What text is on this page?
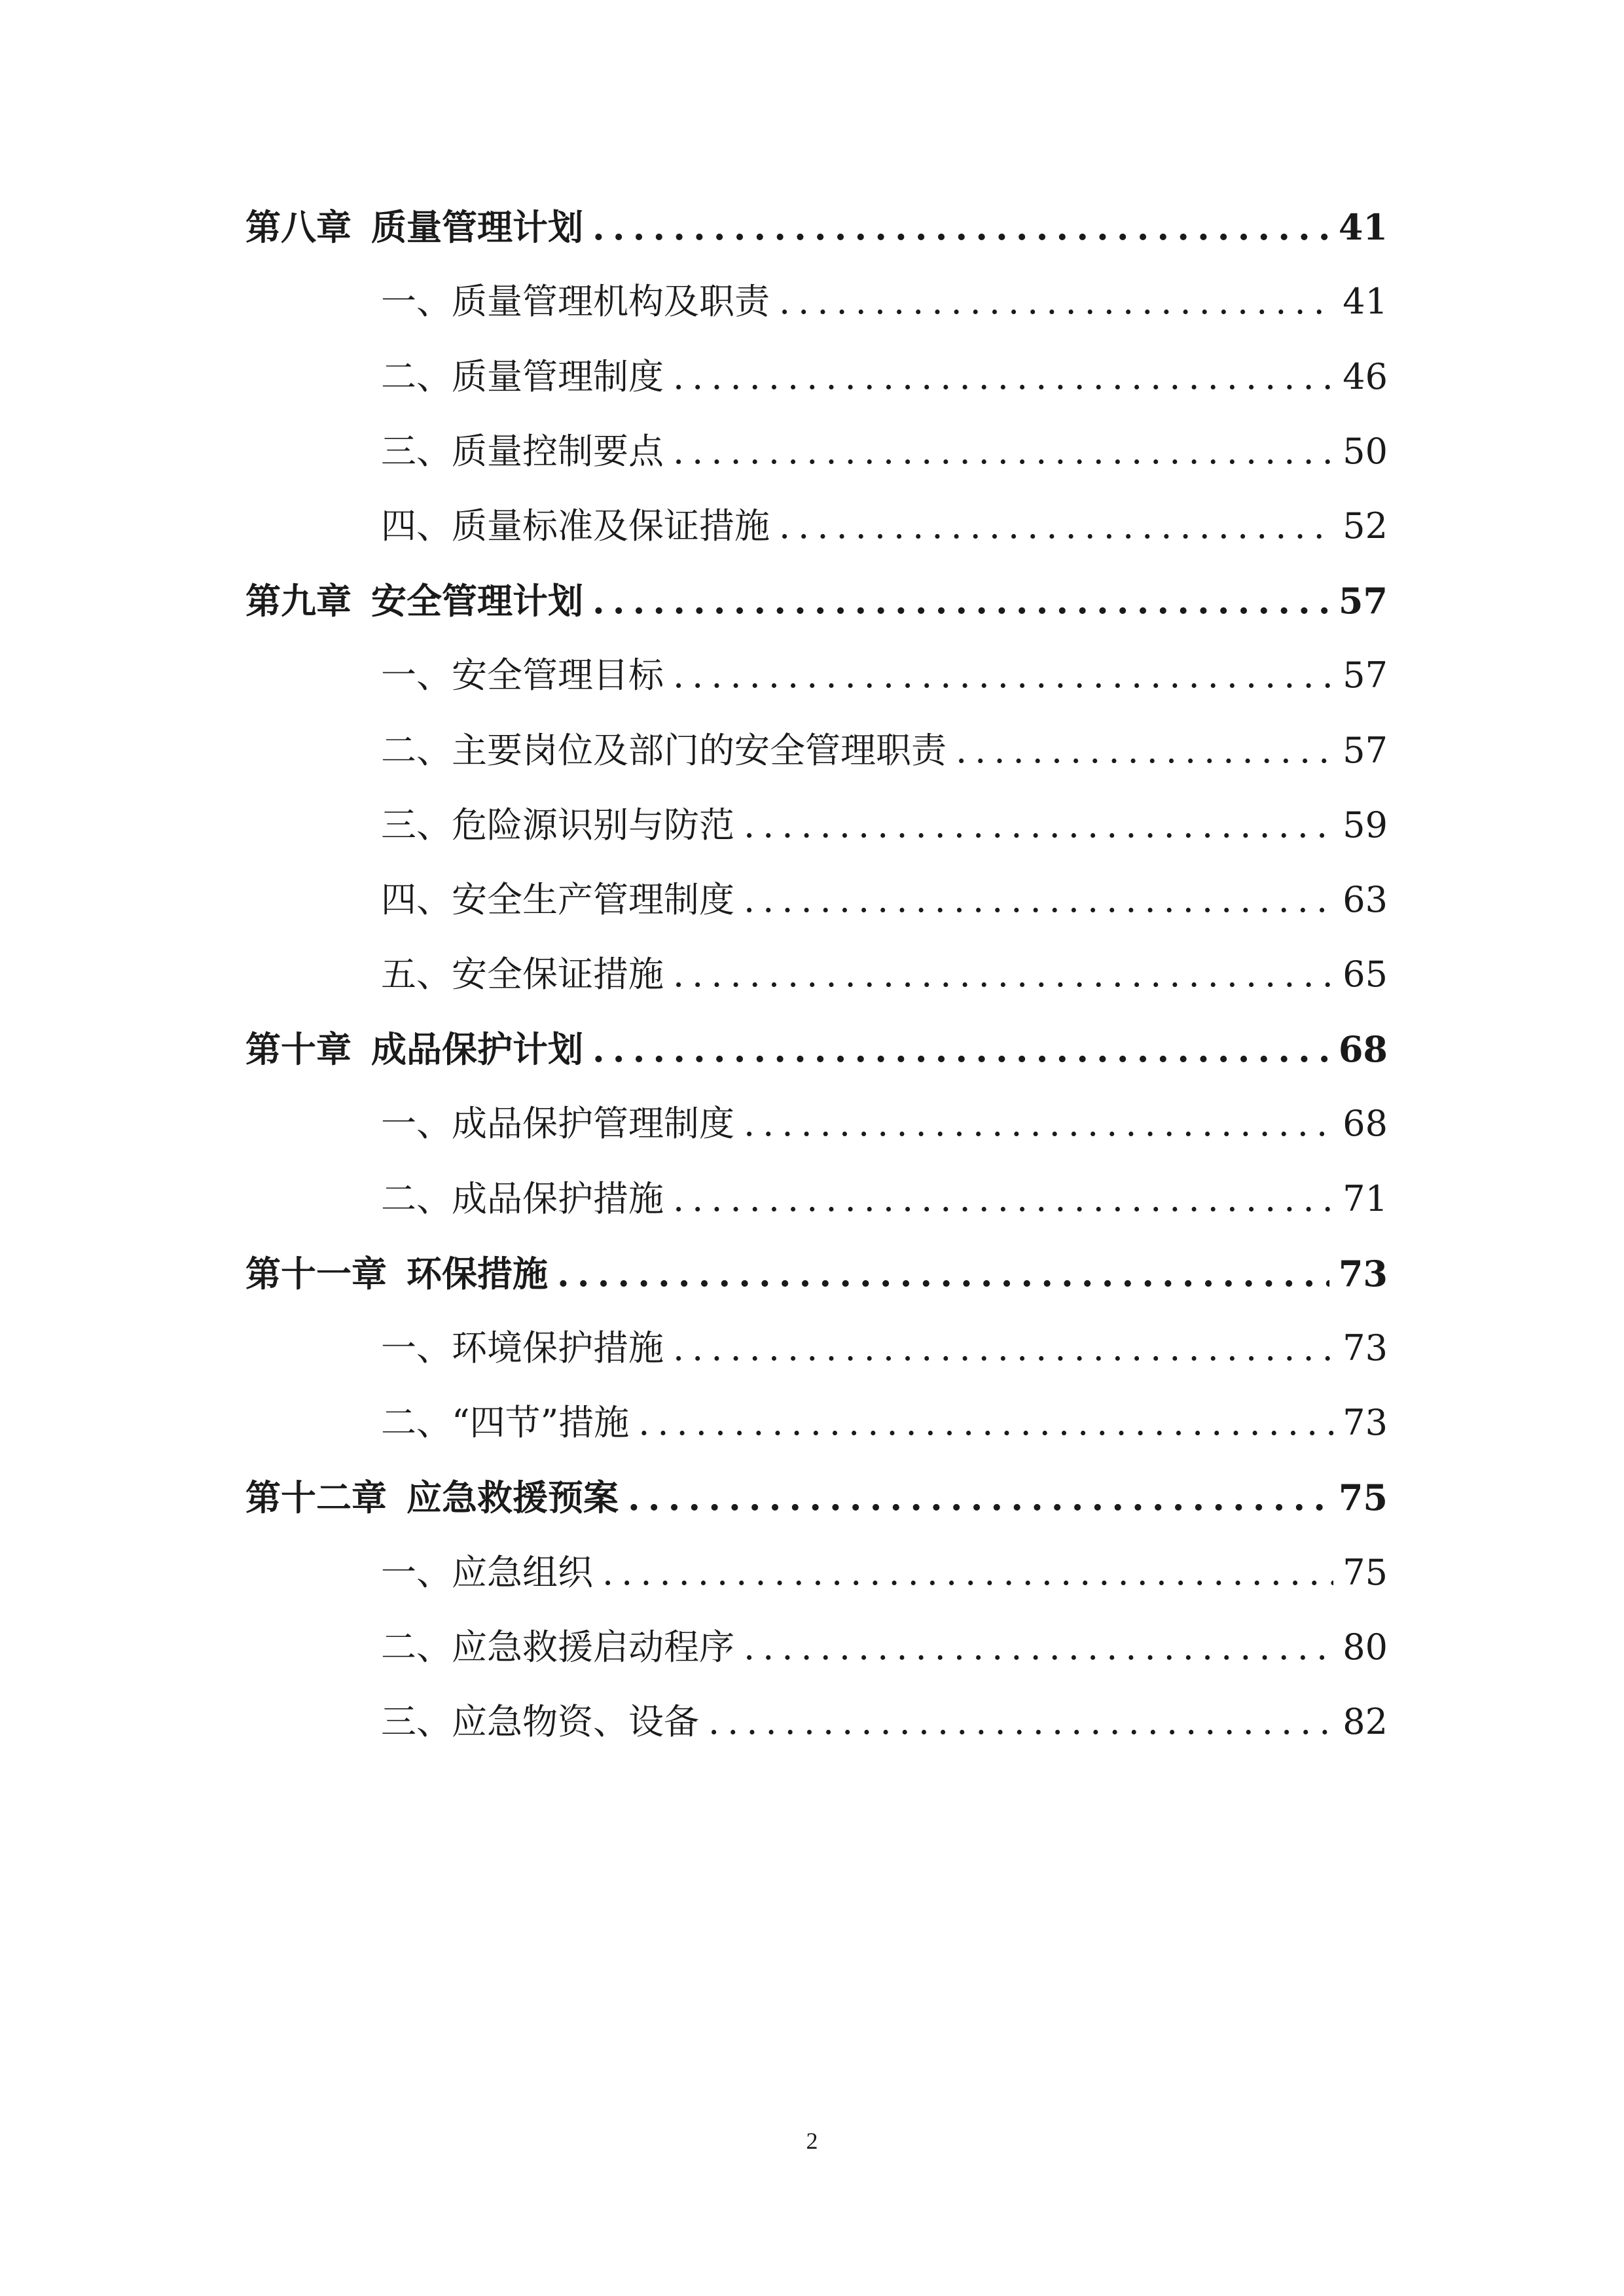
第八章 质量管理计划 .....	41
一、质量管理机构及职责 .....	41
二、质量管理制度 .....	46
三、质量控制要点 .....	50
四、质量标准及保证措施 .....	52
第九章 安全管理计划 .....	57
一、安全管理目标 .....	57
二、主要岗位及部门的安全管理职责 .....	57
三、危险源识别与防范 .....	59
四、安全生产管理制度 .....	63
五、安全保证措施 .....	65
第十章 成品保护计划 .....	68
一、成品保护管理制度 .....	68
二、成品保护措施 .....	71
第十一章 环保措施 .....	73
一、环境保护措施 .....	73
二、“四节”措施 .....	73
第十二章 应急救援预案 .....	75
一、应急组织 .....	75
二、应急救援启动程序 .....	80
三、应急物资、设备 .....	82
2
